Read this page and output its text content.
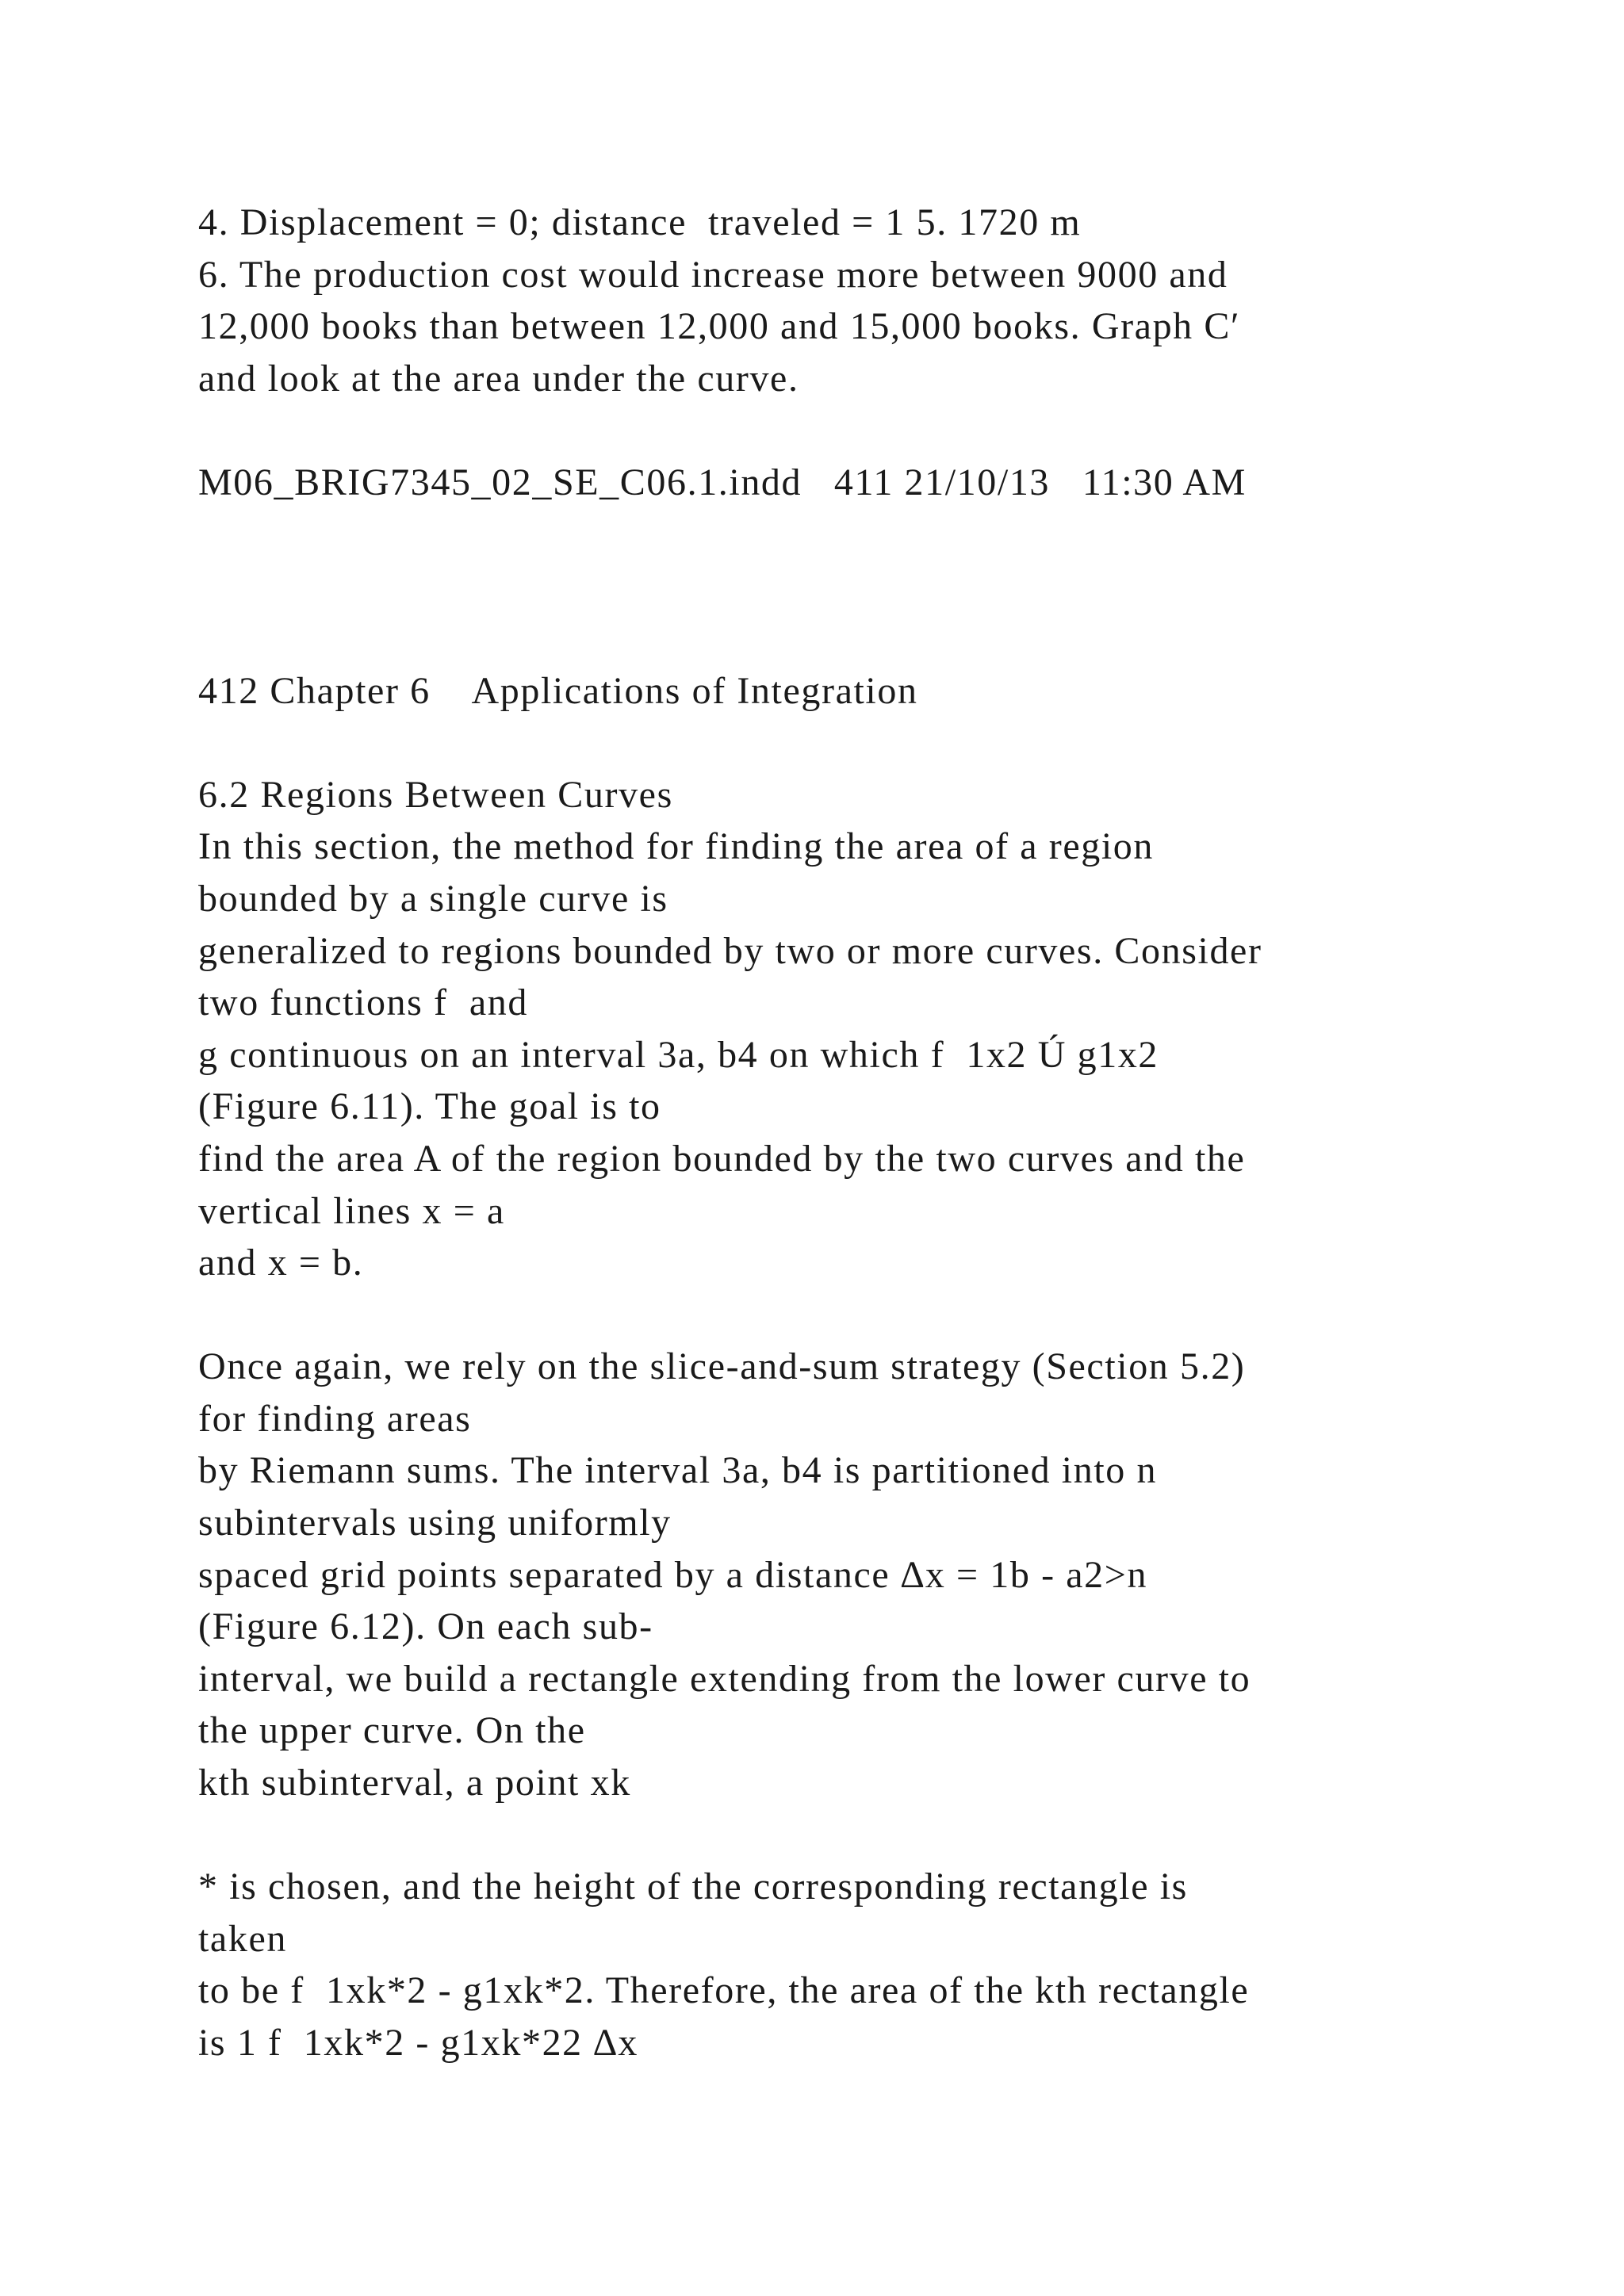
4. Displacement = 0; distance  traveled = 1 5. 1720 m
6. The production cost would increase more between 9000 and
12,000 books than between 12,000 and 15,000 books. Graph C′
and look at the area under the curve.
M06_BRIG7345_02_SE_C06.1.indd   411 21/10/13   11:30 AM
412 Chapter 6    Applications of Integration
6.2 Regions Between Curves
In this section, the method for finding the area of a region
bounded by a single curve is
generalized to regions bounded by two or more curves. Consider
two functions f  and
g continuous on an interval 3a, b4 on which f  1x2 Ú g1x2
(Figure 6.11). The goal is to
find the area A of the region bounded by the two curves and the
vertical lines x = a
and x = b.
Once again, we rely on the slice-and-sum strategy (Section 5.2)
for finding areas
by Riemann sums. The interval 3a, b4 is partitioned into n
subintervals using uniformly
spaced grid points separated by a distance ∆x = 1b - a2>n
(Figure 6.12). On each sub-
interval, we build a rectangle extending from the lower curve to
the upper curve. On the
kth subinterval, a point xk
* is chosen, and the height of the corresponding rectangle is
taken
to be f  1xk*2 - g1xk*2. Therefore, the area of the kth rectangle
is 1 f  1xk*2 - g1xk*22 ∆x
